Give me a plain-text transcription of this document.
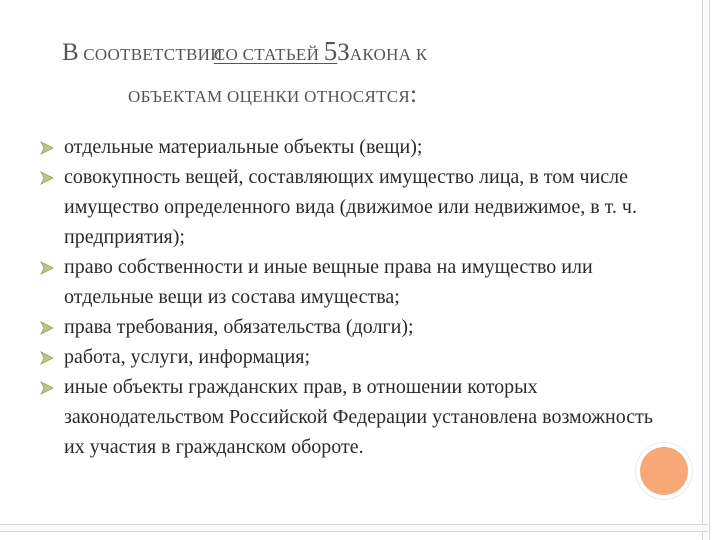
В СООТВЕТСТВИИСО СТАТЬЕЙ 5ЗАКОНА К
ОБЪЕКТАМ ОЦЕНКИ ОТНОСЯТСЯ:
отдельные материальные объекты (вещи);
совокупность вещей, составляющих имущество лица, в том числе имущество определенного вида (движимое или недвижимое, в т. ч. предприятия);
право собственности и иные вещные права на имущество или отдельные вещи из состава имущества;
права требования, обязательства (долги);
работа, услуги, информация;
иные объекты гражданских прав, в отношении которых законодательством Российской Федерации установлена возможность их участия в гражданском обороте.
